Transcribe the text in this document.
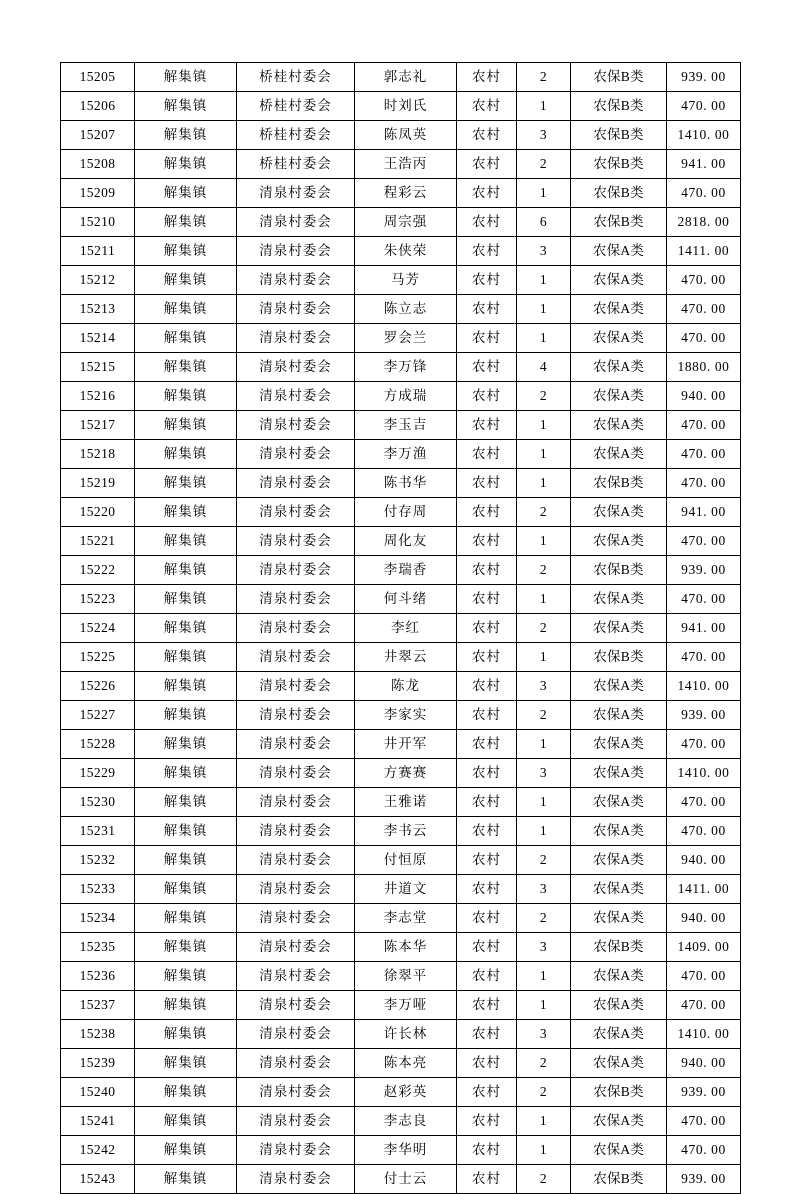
15205	解集镇	桥桂村委会	郭志礼	农村	2	农保B类	939. 00
15206	解集镇	桥桂村委会	时刘氏	农村	1	农保B类	470. 00
15207	解集镇	桥桂村委会	陈凤英	农村	3	农保B类	1410. 00
15208	解集镇	桥桂村委会	王浩丙	农村	2	农保B类	941. 00
15209	解集镇	清泉村委会	程彩云	农村	1	农保B类	470. 00
15210	解集镇	清泉村委会	周宗强	农村	6	农保B类	2818. 00
15211	解集镇	清泉村委会	朱侠荣	农村	3	农保A类	1411. 00
15212	解集镇	清泉村委会	马芳	农村	1	农保A类	470. 00
15213	解集镇	清泉村委会	陈立志	农村	1	农保A类	470. 00
15214	解集镇	清泉村委会	罗会兰	农村	1	农保A类	470. 00
15215	解集镇	清泉村委会	李万锋	农村	4	农保A类	1880. 00
15216	解集镇	清泉村委会	方成瑞	农村	2	农保A类	940. 00
15217	解集镇	清泉村委会	李玉吉	农村	1	农保A类	470. 00
15218	解集镇	清泉村委会	李万渔	农村	1	农保A类	470. 00
15219	解集镇	清泉村委会	陈书华	农村	1	农保B类	470. 00
15220	解集镇	清泉村委会	付存周	农村	2	农保A类	941. 00
15221	解集镇	清泉村委会	周化友	农村	1	农保A类	470. 00
15222	解集镇	清泉村委会	李瑞香	农村	2	农保B类	939. 00
15223	解集镇	清泉村委会	何斗绪	农村	1	农保A类	470. 00
15224	解集镇	清泉村委会	李红	农村	2	农保A类	941. 00
15225	解集镇	清泉村委会	井翠云	农村	1	农保B类	470. 00
15226	解集镇	清泉村委会	陈龙	农村	3	农保A类	1410. 00
15227	解集镇	清泉村委会	李家实	农村	2	农保A类	939. 00
15228	解集镇	清泉村委会	井开军	农村	1	农保A类	470. 00
15229	解集镇	清泉村委会	方赛赛	农村	3	农保A类	1410. 00
15230	解集镇	清泉村委会	王雅诺	农村	1	农保A类	470. 00
15231	解集镇	清泉村委会	李书云	农村	1	农保A类	470. 00
15232	解集镇	清泉村委会	付恒原	农村	2	农保A类	940. 00
15233	解集镇	清泉村委会	井道文	农村	3	农保A类	1411. 00
15234	解集镇	清泉村委会	李志堂	农村	2	农保A类	940. 00
15235	解集镇	清泉村委会	陈本华	农村	3	农保B类	1409. 00
15236	解集镇	清泉村委会	徐翠平	农村	1	农保A类	470. 00
15237	解集镇	清泉村委会	李万哑	农村	1	农保A类	470. 00
15238	解集镇	清泉村委会	许长林	农村	3	农保A类	1410. 00
15239	解集镇	清泉村委会	陈本亮	农村	2	农保A类	940. 00
15240	解集镇	清泉村委会	赵彩英	农村	2	农保B类	939. 00
15241	解集镇	清泉村委会	李志良	农村	1	农保A类	470. 00
15242	解集镇	清泉村委会	李华明	农村	1	农保A类	470. 00
15243	解集镇	清泉村委会	付士云	农村	2	农保B类	939. 00
